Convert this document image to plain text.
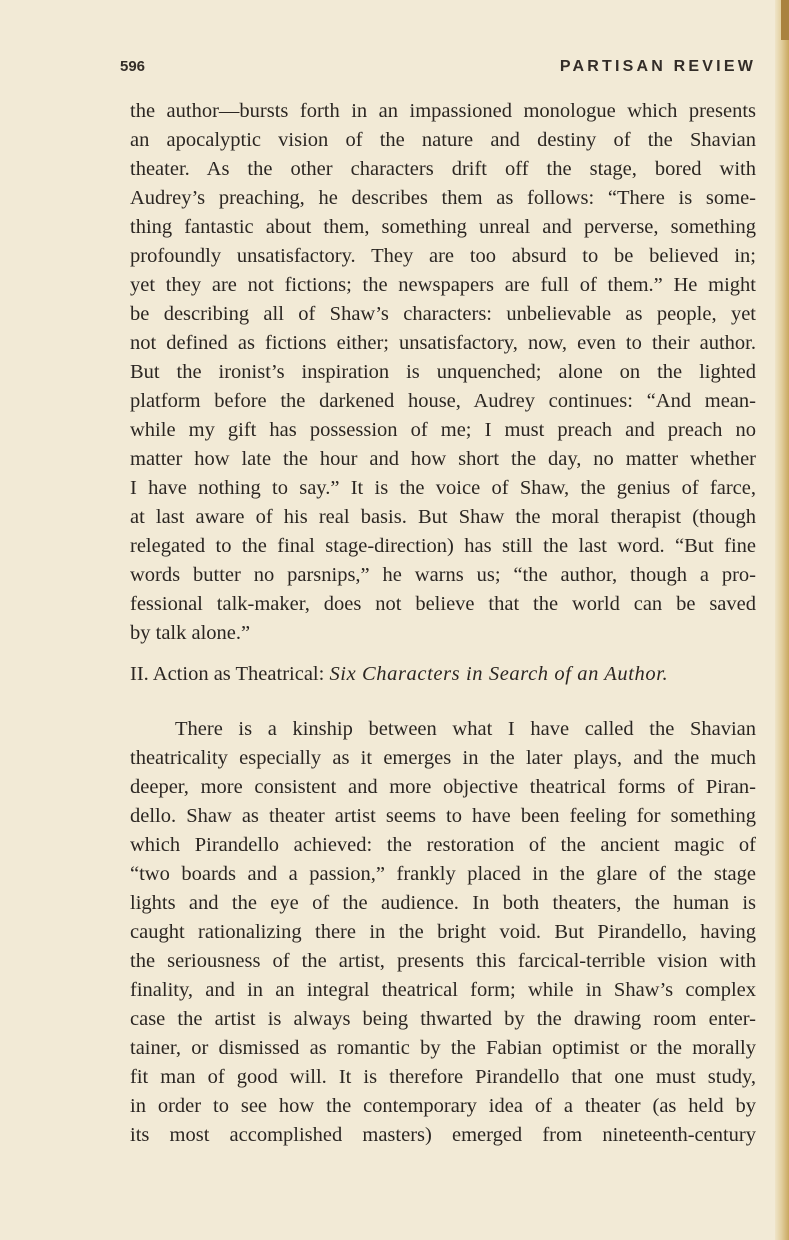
596	PARTISAN REVIEW
the author—bursts forth in an impassioned monologue which presents
an apocalyptic vision of the nature and destiny of the Shavian
theater. As the other characters drift off the stage, bored with
Audrey’s preaching, he describes them as follows: “There is some-
thing fantastic about them, something unreal and perverse, something
profoundly unsatisfactory. They are too absurd to be believed in;
yet they are not fictions; the newspapers are full of them.” He might
be describing all of Shaw’s characters: unbelievable as people, yet
not defined as fictions either; unsatisfactory, now, even to their author.
But the ironist’s inspiration is unquenched; alone on the lighted
platform before the darkened house, Audrey continues: “And mean-
while my gift has possession of me; I must preach and preach no
matter how late the hour and how short the day, no matter whether
I have nothing to say.” It is the voice of Shaw, the genius of farce,
at last aware of his real basis. But Shaw the moral therapist (though
relegated to the final stage-direction) has still the last word. “But fine
words butter no parsnips,” he warns us; “the author, though a pro-
fessional talk-maker, does not believe that the world can be saved
by talk alone.”
II. Action as Theatrical: Six Characters in Search of an Author.
There is a kinship between what I have called the Shavian
theatricality especially as it emerges in the later plays, and the much
deeper, more consistent and more objective theatrical forms of Piran-
dello. Shaw as theater artist seems to have been feeling for something
which Pirandello achieved: the restoration of the ancient magic of
“two boards and a passion,” frankly placed in the glare of the stage
lights and the eye of the audience. In both theaters, the human is
caught rationalizing there in the bright void. But Pirandello, having
the seriousness of the artist, presents this farcical-terrible vision with
finality, and in an integral theatrical form; while in Shaw’s complex
case the artist is always being thwarted by the drawing room enter-
tainer, or dismissed as romantic by the Fabian optimist or the morally
fit man of good will. It is therefore Pirandello that one must study,
in order to see how the contemporary idea of a theater (as held by
its most accomplished masters) emerged from nineteenth-century
